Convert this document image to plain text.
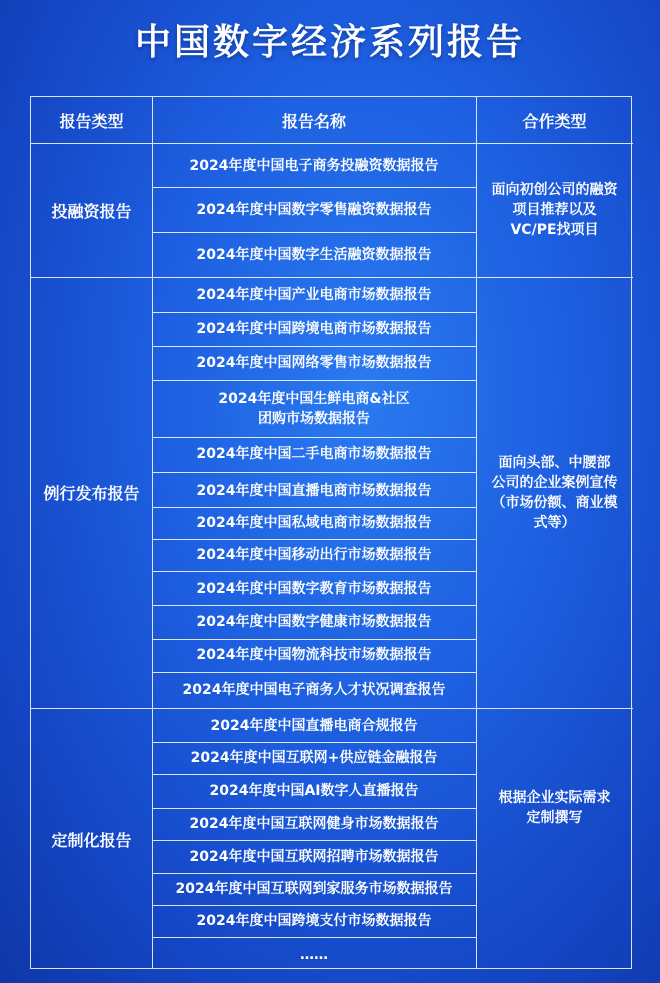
中国数字经济系列报告
报告类型	报告名称	合作类型
投融资报告
面向初创公司的融资
项目推荐以及
VC/PE找项目
2024年度中国电子商务投融资数据报告
2024年度中国数字零售融资数据报告
2024年度中国数字生活融资数据报告
例行发布报告
面向头部、中腰部
公司的企业案例宣传
（市场份额、商业模
式等）
2024年度中国产业电商市场数据报告
2024年度中国跨境电商市场数据报告
2024年度中国网络零售市场数据报告
2024年度中国生鲜电商&社区
团购市场数据报告
2024年度中国二手电商市场数据报告
2024年度中国直播电商市场数据报告
2024年度中国私域电商市场数据报告
2024年度中国移动出行市场数据报告
2024年度中国数字教育市场数据报告
2024年度中国数字健康市场数据报告
2024年度中国物流科技市场数据报告
2024年度中国电子商务人才状况调查报告
定制化报告
根据企业实际需求
定制撰写
2024年度中国直播电商合规报告
2024年度中国互联网+供应链金融报告
2024年度中国AI数字人直播报告
2024年度中国互联网健身市场数据报告
2024年度中国互联网招聘市场数据报告
2024年度中国互联网到家服务市场数据报告
2024年度中国跨境支付市场数据报告
……
